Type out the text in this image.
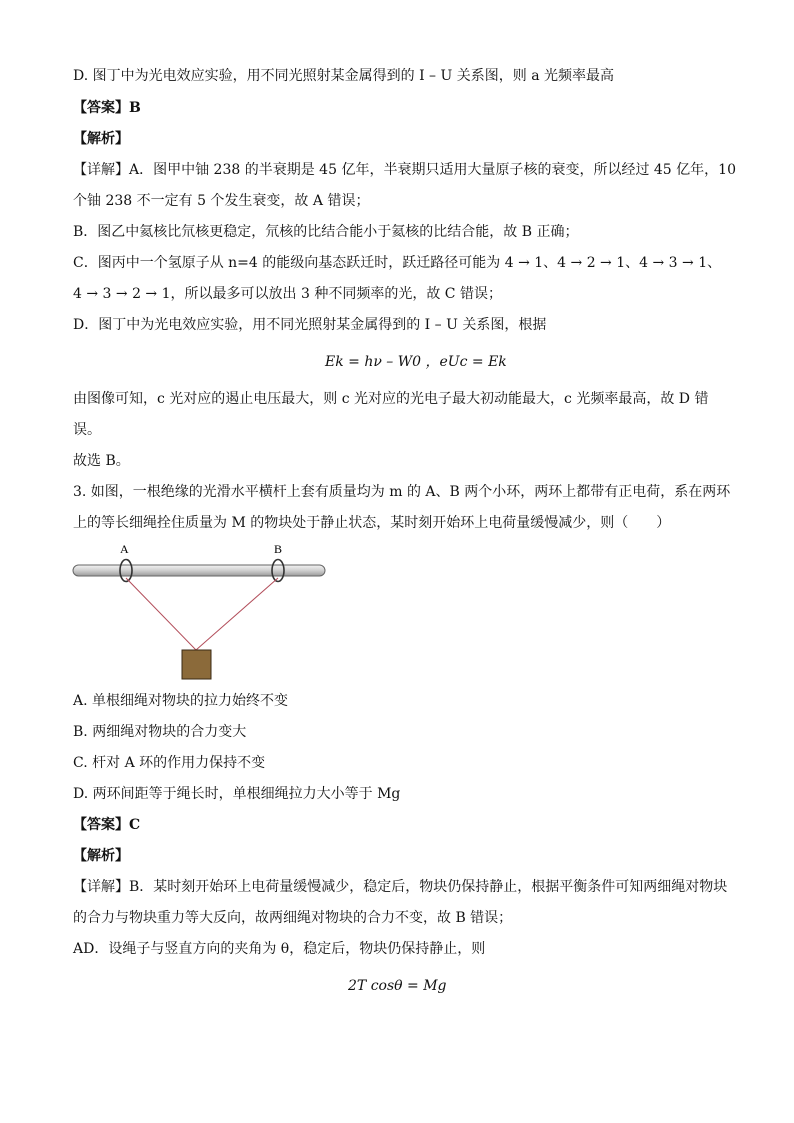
D. 图丁中为光电效应实验，用不同光照射某金属得到的 I – U 关系图，则 a 光频率最高
【答案】B
【解析】
【详解】A．图甲中铀 238 的半衰期是 45 亿年，半衰期只适用大量原子核的衰变，所以经过 45 亿年，10
个铀 238 不一定有 5 个发生衰变，故 A 错误；
B．图乙中氦核比氘核更稳定，氘核的比结合能小于氦核的比结合能，故 B 正确；
C．图丙中一个氢原子从 n=4 的能级向基态跃迁时，跃迁路径可能为 4 → 1、4 → 2 → 1、4 → 3 → 1、
4 → 3 → 2 → 1，所以最多可以放出 3 种不同频率的光，故 C 错误；
D．图丁中为光电效应实验，用不同光照射某金属得到的 I – U 关系图，根据
Ek = hν – W0 ，eUc = Ek
由图像可知，c 光对应的遏止电压最大，则 c 光对应的光电子最大初动能最大，c 光频率最高，故 D 错
误。
故选 B。
3. 如图，一根绝缘的光滑水平横杆上套有质量均为 m 的 A、B 两个小环，两环上都带有正电荷，系在两环
上的等长细绳拴住质量为 M 的物块处于静止状态，某时刻开始环上电荷量缓慢减少，则（　　）
A	B
A. 单根细绳对物块的拉力始终不变
B. 两细绳对物块的合力变大
C. 杆对 A 环的作用力保持不变
D. 两环间距等于绳长时，单根细绳拉力大小等于 Mg
【答案】C
【解析】
【详解】B．某时刻开始环上电荷量缓慢减少，稳定后，物块仍保持静止，根据平衡条件可知两细绳对物块
的合力与物块重力等大反向，故两细绳对物块的合力不变，故 B 错误；
AD．设绳子与竖直方向的夹角为 θ，稳定后，物块仍保持静止，则
2T cosθ = Mg
